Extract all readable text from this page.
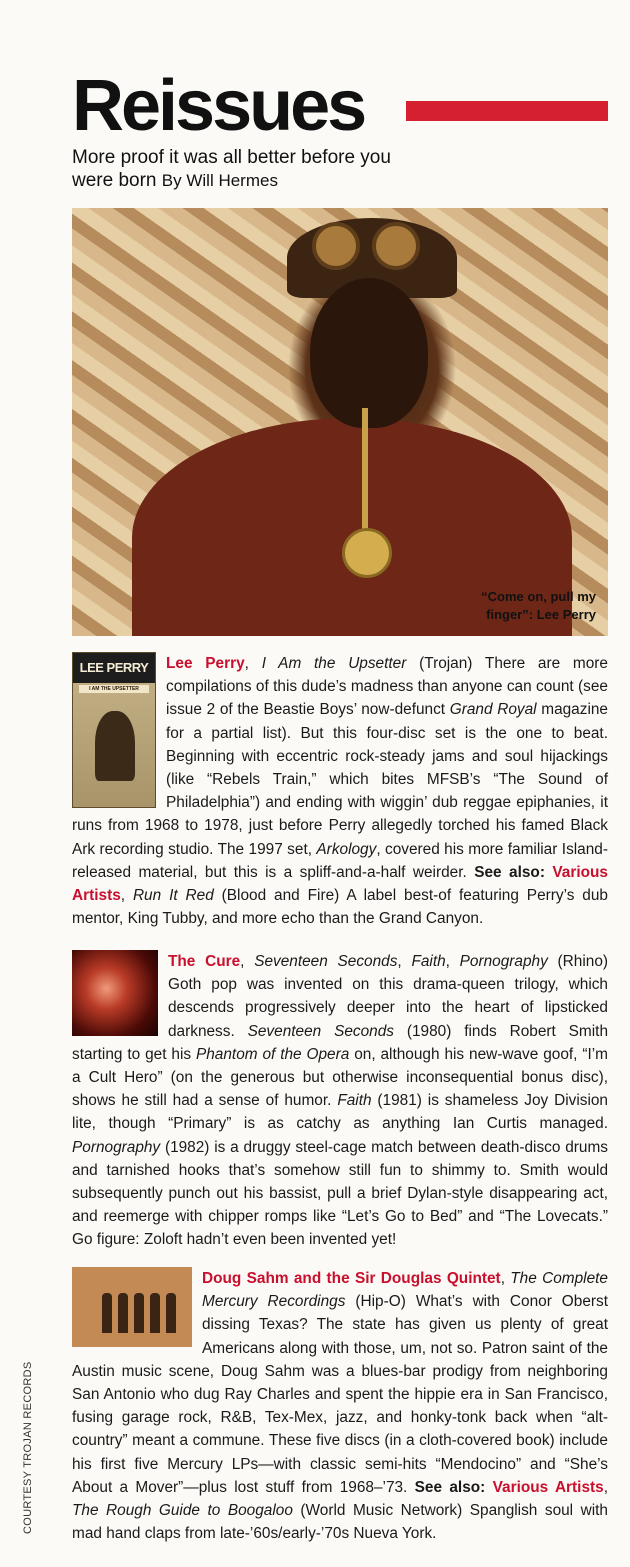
Reissues

More proof it was all better before you were born By Will Hermes

“Come on, pull my finger”: Lee Perry

LEE PERRY
I AM THE UPSETTER

Lee Perry, I Am the Upsetter (Trojan) There are more compilations of this dude’s madness than anyone can count (see issue 2 of the Beastie Boys’ now-defunct Grand Royal magazine for a partial list). But this four-disc set is the one to beat. Beginning with eccentric rock-steady jams and soul hijackings (like “Rebels Train,” which bites MFSB’s “The Sound of Philadelphia”) and ending with wiggin’ dub reggae epiphanies, it runs from 1968 to 1978, just before Perry allegedly torched his famed Black Ark recording studio. The 1997 set, Arkology, covered his more familiar Island-released material, but this is a spliff-and-a-half weirder. See also: Various Artists, Run It Red (Blood and Fire) A label best-of featuring Perry’s dub mentor, King Tubby, and more echo than the Grand Canyon.

The Cure, Seventeen Seconds, Faith, Pornography (Rhino) Goth pop was invented on this drama-queen trilogy, which descends progressively deeper into the heart of lipsticked darkness. Seventeen Seconds (1980) finds Robert Smith starting to get his Phantom of the Opera on, although his new-wave goof, “I’m a Cult Hero” (on the generous but otherwise inconsequential bonus disc), shows he still had a sense of humor. Faith (1981) is shameless Joy Division lite, though “Primary” is as catchy as anything Ian Curtis managed. Pornography (1982) is a druggy steel-cage match between death-disco drums and tarnished hooks that’s somehow still fun to shimmy to. Smith would subsequently punch out his bassist, pull a brief Dylan-style disappearing act, and reemerge with chipper romps like “Let’s Go to Bed” and “The Lovecats.” Go figure: Zoloft hadn’t even been invented yet!

Doug Sahm and the Sir Douglas Quintet, The Complete Mercury Recordings (Hip-O) What’s with Conor Oberst dissing Texas? The state has given us plenty of great Americans along with those, um, not so. Patron saint of the Austin music scene, Doug Sahm was a blues-bar prodigy from neighboring San Antonio who dug Ray Charles and spent the hippie era in San Francisco, fusing garage rock, R&B, Tex-Mex, jazz, and honky-tonk back when “alt-country” meant a commune. These five discs (in a cloth-covered book) include his first five Mercury LPs—with classic semi-hits “Mendocino” and “She’s About a Mover”—plus lost stuff from 1968–’73. See also: Various Artists, The Rough Guide to Boogaloo (World Music Network) Spanglish soul with mad hand claps from late-’60s/early-’70s Nueva York.

COURTESY TROJAN RECORDS
